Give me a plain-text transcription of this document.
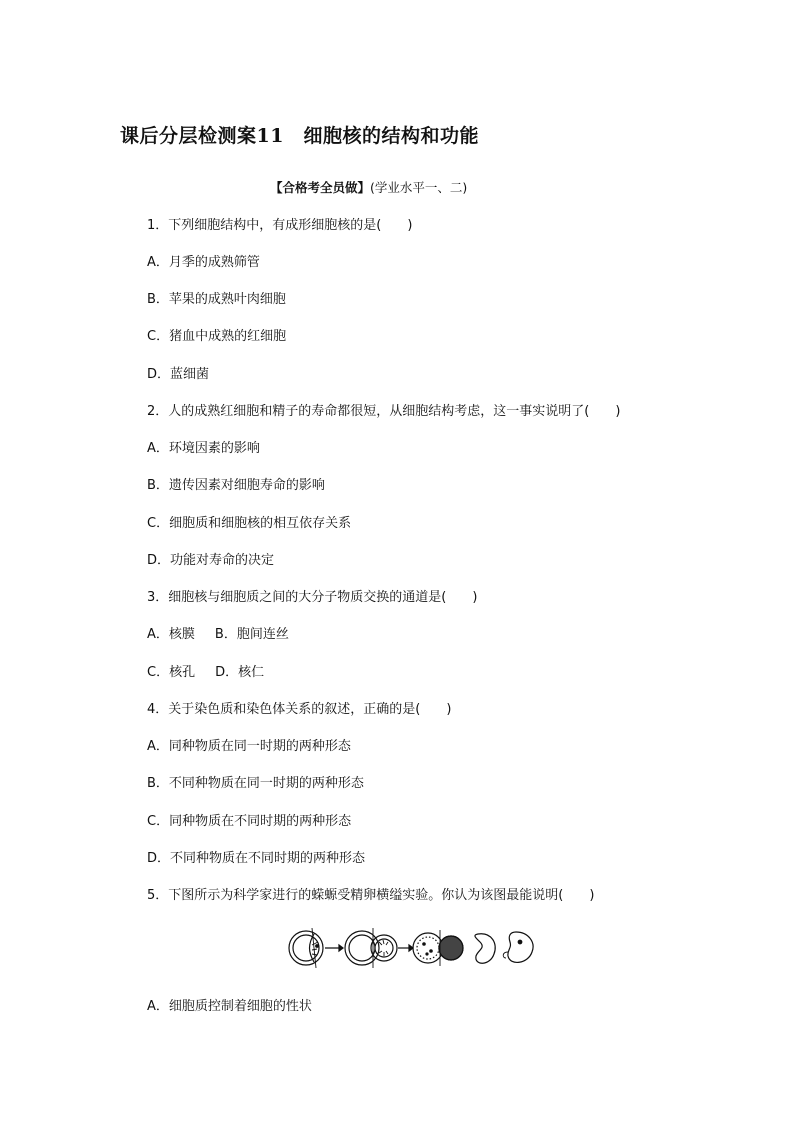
课后分层检测案11　细胞核的结构和功能
【合格考全员做】(学业水平一、二)

1．下列细胞结构中，有成形细胞核的是(　　)

A．月季的成熟筛管

B．苹果的成熟叶肉细胞

C．猪血中成熟的红细胞

D．蓝细菌

2．人的成熟红细胞和精子的寿命都很短，从细胞结构考虑，这一事实说明了(　　)

A．环境因素的影响

B．遗传因素对细胞寿命的影响

C．细胞质和细胞核的相互依存关系

D．功能对寿命的决定

3．细胞核与细胞质之间的大分子物质交换的通道是(　　)

A．核膜 B．胞间连丝

C．核孔 D．核仁

4．关于染色质和染色体关系的叙述，正确的是(　　)

A．同种物质在同一时期的两种形态

B．不同种物质在同一时期的两种形态

C．同种物质在不同时期的两种形态

D．不同种物质在不同时期的两种形态

5．下图所示为科学家进行的蝾螈受精卵横缢实验。你认为该图最能说明(　　)

A．细胞质控制着细胞的性状
